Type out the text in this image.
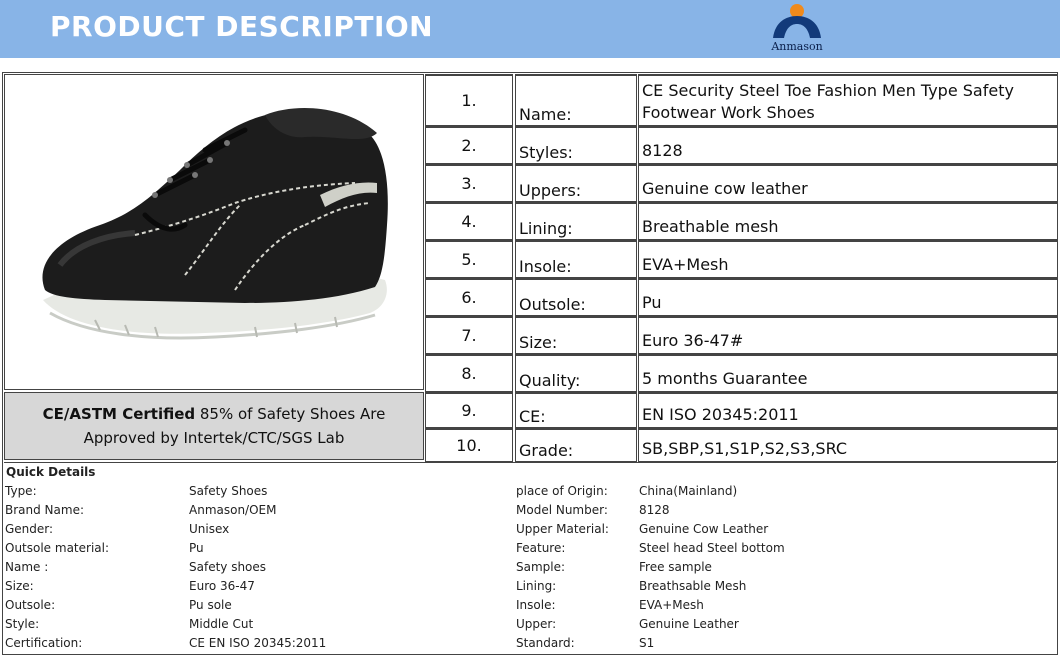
PRODUCT DESCRIPTION
Anmason
CE/ASTM Certified 85% of Safety Shoes Are
Approved by Intertek/CTC/SGS Lab
1.
Name:
CE Security Steel Toe Fashion Men Type Safety Footwear Work Shoes
2.	Styles:	8128
3.	Uppers:	Genuine cow leather
4.	Lining:	Breathable mesh
5.	Insole:	EVA+Mesh
6.	Outsole:	Pu
7.	Size:	Euro 36-47#
8.	Quality:	5 months Guarantee
9.	CE:	EN ISO 20345:2011
10.	Grade:	SB,SBP,S1,S1P,S2,S3,SRC
Quick Details
Type:	Safety Shoes	place of Origin:	China(Mainland)
Brand Name:	Anmason/OEM	Model Number:	8128
Gender:	Unisex	Upper Material:	Genuine Cow Leather
Outsole material:	Pu	Feature:	Steel head Steel bottom
Name :	Safety shoes	Sample:	Free sample
Size:	Euro 36-47	Lining:	Breathsable Mesh
Outsole:	Pu sole	Insole:	EVA+Mesh
Style:	Middle Cut	Upper:	Genuine Leather
Certification:	CE EN ISO 20345:2011	Standard:	S1
